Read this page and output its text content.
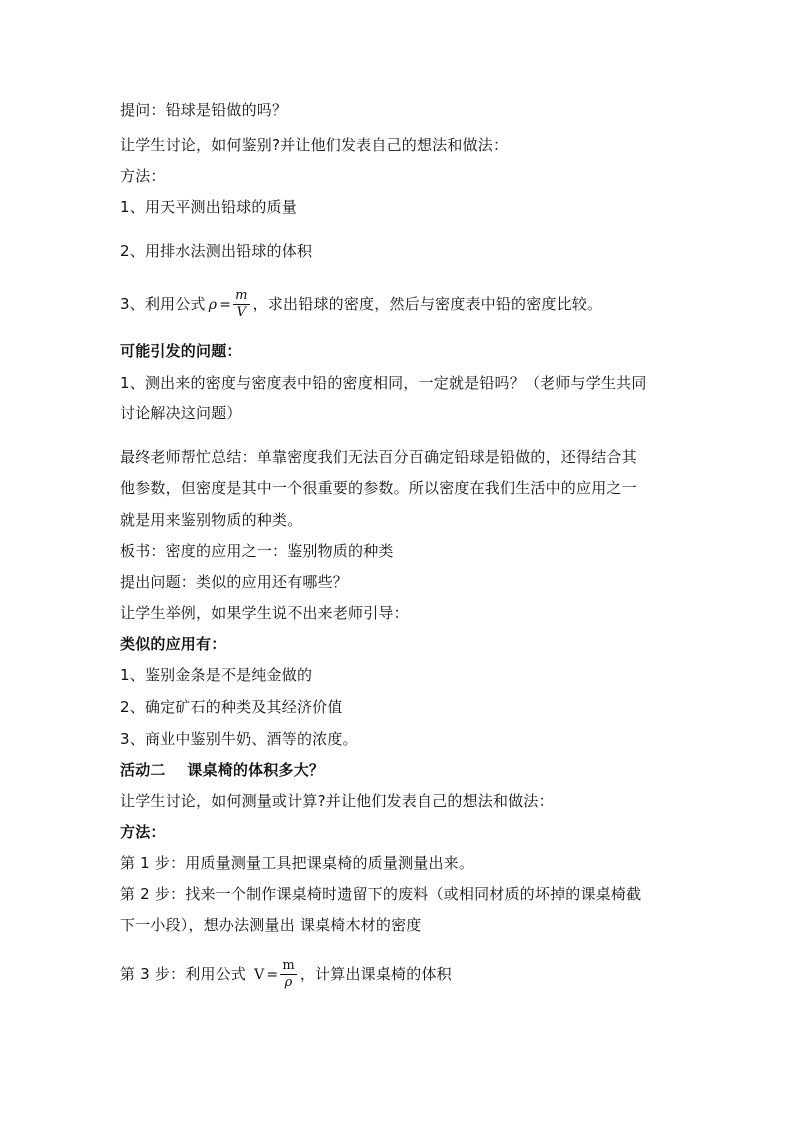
提问：铅球是铅做的吗？
让学生讨论，如何鉴别?并让他们发表自己的想法和做法：
方法：
1、用天平测出铅球的质量
2、用排水法测出铅球的体积
3、利用公式 $\rho = \frac{m}{V}$ ，求出铅球的密度，然后与密度表中铅的密度比较。
可能引发的问题：
1、测出来的密度与密度表中铅的密度相同，一定就是铅吗？（老师与学生共同
讨论解决这问题）
最终老师帮忙总结：单靠密度我们无法百分百确定铅球是铅做的，还得结合其
他参数，但密度是其中一个很重要的参数。所以密度在我们生活中的应用之一
就是用来鉴别物质的种类。
板书：密度的应用之一：鉴别物质的种类
提出问题：类似的应用还有哪些？
让学生举例，如果学生说不出来老师引导：
类似的应用有：
1、鉴别金条是不是纯金做的
2、确定矿石的种类及其经济价值
3、商业中鉴别牛奶、酒等的浓度。
活动二    课桌椅的体积多大？
让学生讨论，如何测量或计算?并让他们发表自己的想法和做法：
方法：
第 1 步：用质量测量工具把课桌椅的质量测量出来。
第 2 步：找来一个制作课桌椅时遗留下的废料（或相同材质的坏掉的课桌椅截
下一小段），想办法测量出 课桌椅木材的密度
第 3 步：利用公式 $V = \frac{m}{\rho}$ ，计算出课桌椅的体积
